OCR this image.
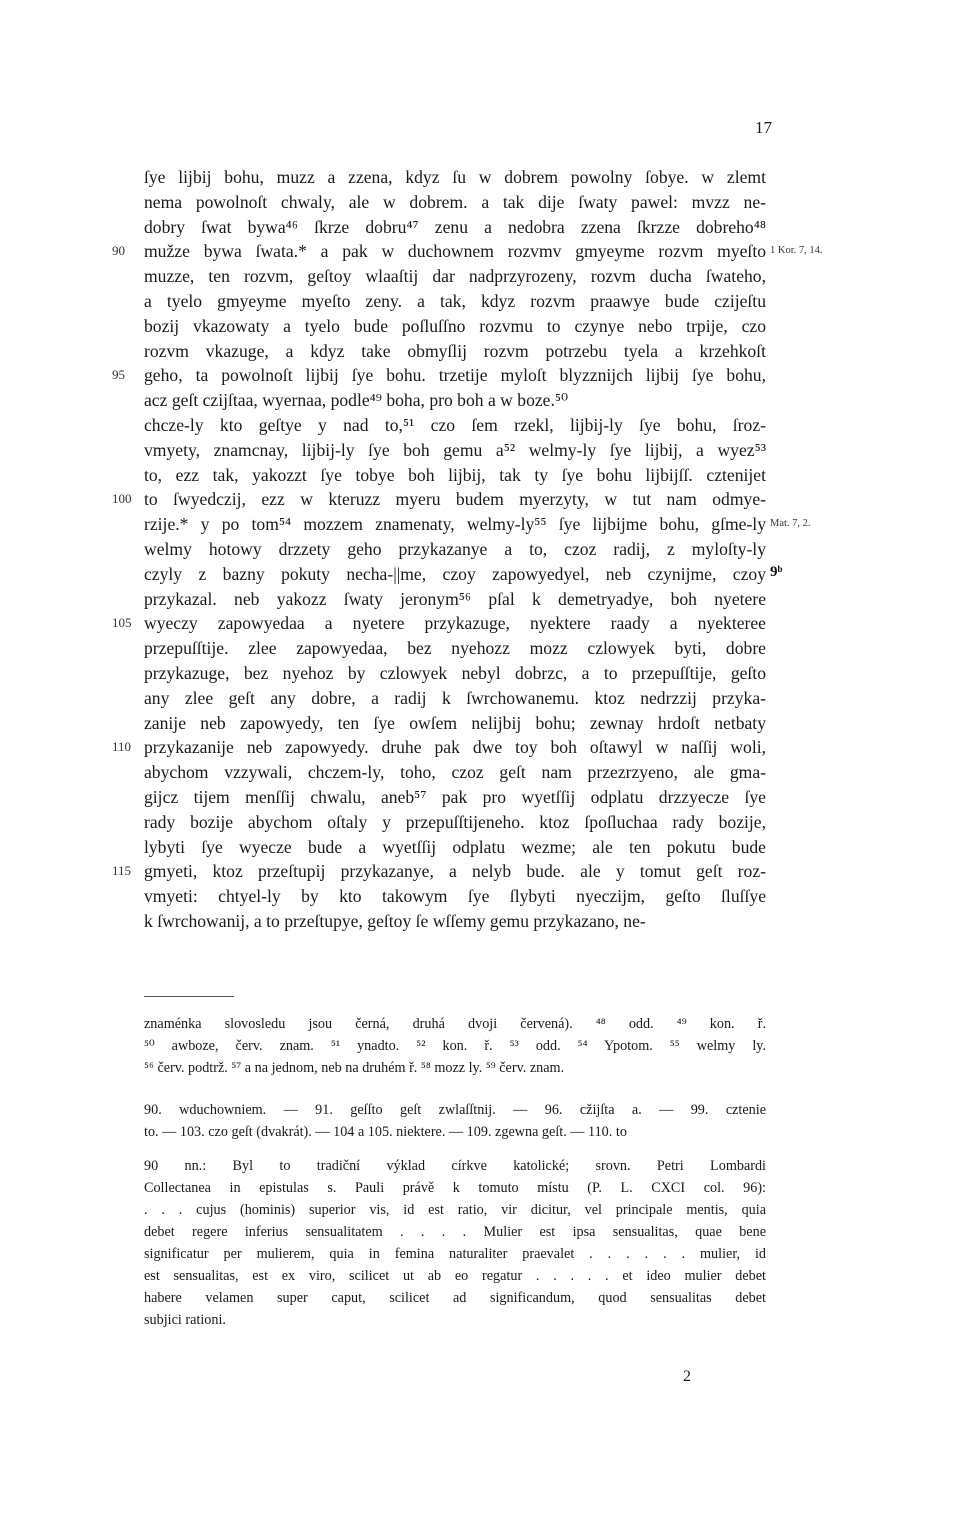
17
ſye lijbij bohu, muzz a zzena, kdyz ſu w dobrem powolny ſobye. w zlemt
nema powolnoſt chwaly, ale w dobrem. a tak dije ſwaty pawel: mvzz ne-
dobry ſwat bywa⁴⁶ ſkrze dobru⁴⁷ zenu a nedobra zzena ſkrzze dobreho⁴⁸
mužze bywa ſwata.* a pak w duchownem rozvmv gmyeyme rozvm myeſto
muzze, ten rozvm, geſtoy wlaaſtij dar nadprzyrozeny, rozvm ducha ſwateho,
a tyelo gmyeyme myeſto zeny. a tak, kdyz rozvm praawye bude czijeſtu
bozij vkazowaty a tyelo bude poſluſſno rozvmu to czynye nebo trpije, czo
rozvm vkazuge, a kdyz take obmyſlij rozvm potrzebu tyela a krzehkoſt
geho, ta powolnoſt lijbij ſye bohu. trzetije myloſt blyzznijch lijbij ſye bohu,
acz geſt czijſtaa, wyernaa, podle⁴⁹ boha, pro boh a w boze.⁵⁰
chcze-ly kto geſtye y nad to,⁵¹ czo ſem rzekl, lijbij-ly ſye bohu, ſroz-
vmyety, znamcnay, lijbij-ly ſye boh gemu a⁵² welmy-ly ſye lijbij, a wyez⁵³
to, ezz tak, yakozzt ſye tobye boh lijbij, tak ty ſye bohu lijbijſſ. cztenijet
to ſwyedczij, ezz w kteruzz myeru budem myerzyty, w tut nam odmye-
rzije.* y po tom⁵⁴ mozzem znamenaty, welmy-ly⁵⁵ ſye lijbijme bohu, gſme-ly
welmy hotowy drzzety geho przykazanye a to, czoz radij, z myloſty-ly
czyly z bazny pokuty necha-||me, czoy zapowyedyel, neb czynijme, czoy
przykazal. neb yakozz ſwaty jeronym⁵⁶ pſal k demetryadye, boh nyetere
wyeczy zapowyedaa a nyetere przykazuge, nyektere raady a nyekteree
przepuſſtije. zlee zapowyedaa, bez nyehozz mozz czlowyek byti, dobre
przykazuge, bez nyehoz by czlowyek nebyl dobrzc, a to przepuſſtije, geſto
any zlee geſt any dobre, a radij k ſwrchowanemu. ktoz nedrzzij przyka-
zanije neb zapowyedy, ten ſye owſem nelijbij bohu; zewnay hrdoſt netbaty
przykazanije neb zapowyedy. druhe pak dwe toy boh oſtawyl w naſſij woli,
abychom vzzywali, chczem-ly, toho, czoz geſt nam przezrzyeno, ale gma-
gijcz tijem menſſij chwalu, aneb⁵⁷ pak pro wyetſſij odplatu drzzyecze ſye
rady bozije abychom oſtaly y przepuſſtijeneho. ktoz ſpoſluchaa rady bozije,
lybyti ſye wyecze bude a wyetſſij odplatu wezme; ale ten pokutu bude
gmyeti, ktoz przeſtupij przykazanye, a nelyb bude. ale y tomut geſt roz-
vmyeti: chtyel-ly by kto takowym ſye ſlybyti nyeczijm, geſto ſluſſye
k ſwrchowanij, a to przeſtupye, geſtoy ſe wſſemy gemu przykazano, ne-
90
95
100
105
110
115
1 Kor. 7, 14.
Mat. 7, 2.
9ᵇ
znaménka slovosledu jsou černá, druhá dvoji červená). ⁴⁸ odd. ⁴⁹ kon. ř.
⁵⁰ awboze, červ. znam. ⁵¹ ynadto. ⁵² kon. ř. ⁵³ odd. ⁵⁴ Ypotom. ⁵⁵ welmy ly.
⁵⁶ červ. podtrž. ⁵⁷ a na jednom, neb na druhém ř. ⁵⁸ mozz ly. ⁵⁹ červ. znam.
90. wduchowniem. — 91. geſſto geſt zwlaſſtnij. — 96. cžijſta a. — 99. cztenie
to. — 103. czo geſt (dvakrát). — 104 a 105. niektere. — 109. zgewna geſt. — 110. to
90 nn.: Byl to tradiční výklad církve katolické; srovn. Petri Lombardi
Collectanea in epistulas s. Pauli právě k tomuto místu (P. L. CXCI col. 96):
. . . cujus (hominis) superior vis, id est ratio, vir dicitur, vel principale mentis, quia
debet regere inferius sensualitatem . . . . Mulier est ipsa sensualitas, quae bene
significatur per mulierem, quia in femina naturaliter praevalet . . . . . . mulier, id
est sensualitas, est ex viro, scilicet ut ab eo regatur . . . . . et ideo mulier debet
habere velamen super caput, scilicet ad significandum, quod sensualitas debet
subjici rationi.
2
